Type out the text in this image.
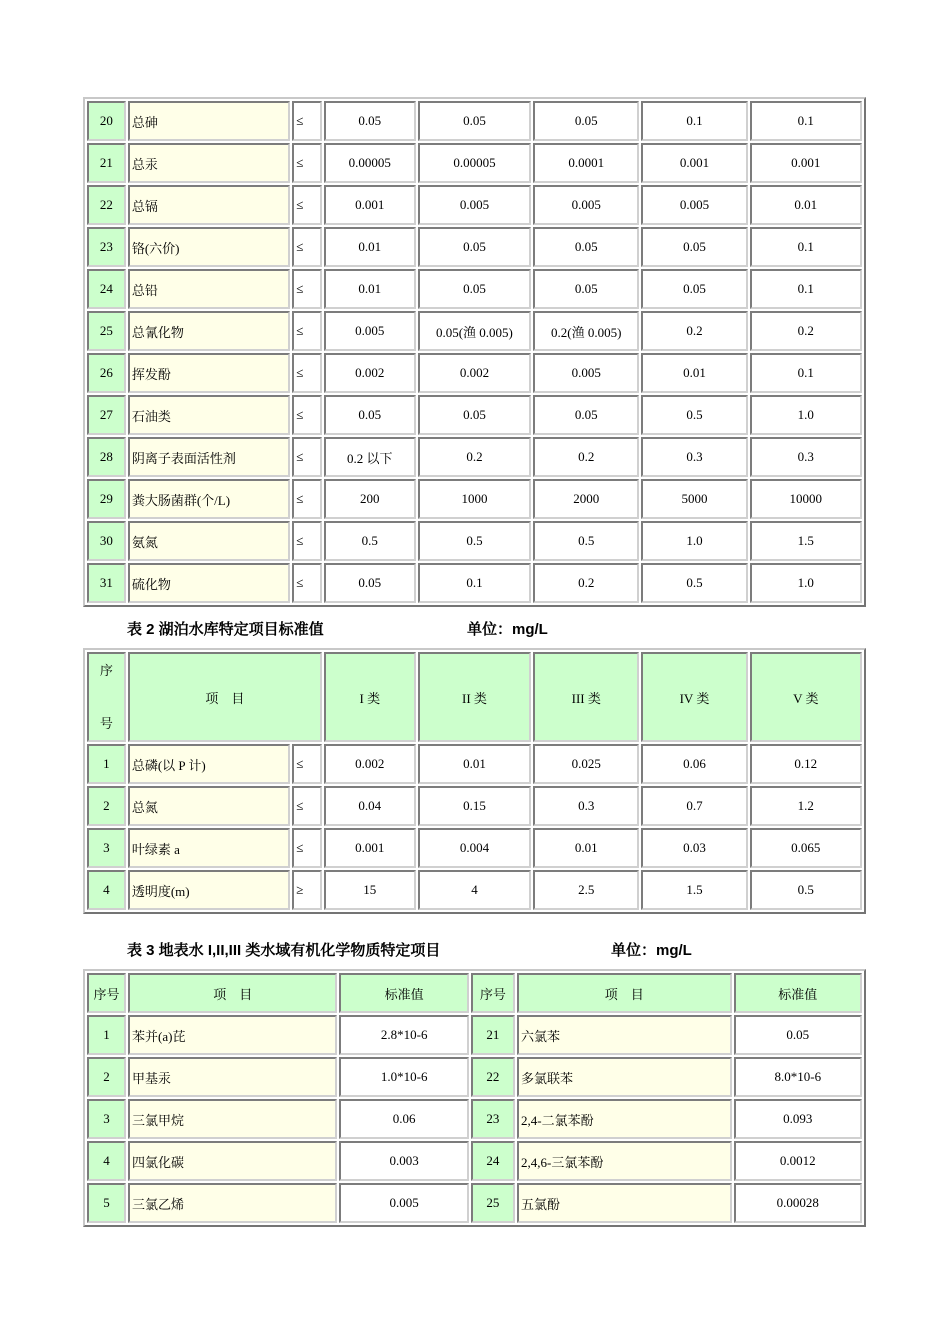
20	总砷	≤	0.05	0.05	0.05	0.1	0.1
21	总汞	≤	0.00005	0.00005	0.0001	0.001	0.001
22	总镉	≤	0.001	0.005	0.005	0.005	0.01
23	铬(六价)	≤	0.01	0.05	0.05	0.05	0.1
24	总铅	≤	0.01	0.05	0.05	0.05	0.1
25	总氰化物	≤	0.005	0.05(渔 0.005)	0.2(渔 0.005)	0.2	0.2
26	挥发酚	≤	0.002	0.002	0.005	0.01	0.1
27	石油类	≤	0.05	0.05	0.05	0.5	1.0
28	阴离子表面活性剂	≤	0.2 以下	0.2	0.2	0.3	0.3
29	粪大肠菌群(个/L)	≤	200	1000	2000	5000	10000
30	氨氮	≤	0.5	0.5	0.5	1.0	1.5
31	硫化物	≤	0.05	0.1	0.2	0.5	1.0
表 2 湖泊水库特定项目标准值	单位：mg/L
序
号	项　目		I 类	II 类	III 类	IV 类	V 类
1	总磷(以 P 计)	≤	0.002	0.01	0.025	0.06	0.12
2	总氮	≤	0.04	0.15	0.3	0.7	1.2
3	叶绿素 a	≤	0.001	0.004	0.01	0.03	0.065
4	透明度(m)	≥	15	4	2.5	1.5	0.5
表 3 地表水 I,II,III 类水域有机化学物质特定项目	单位：mg/L
序号	项　目	标准值	序号	项　目	标准值
1	苯并(a)芘	2.8*10-6	21	六氯苯	0.05
2	甲基汞	1.0*10-6	22	多氯联苯	8.0*10-6
3	三氯甲烷	0.06	23	2,4-二氯苯酚	0.093
4	四氯化碳	0.003	24	2,4,6-三氯苯酚	0.0012
5	三氯乙烯	0.005	25	五氯酚	0.00028
